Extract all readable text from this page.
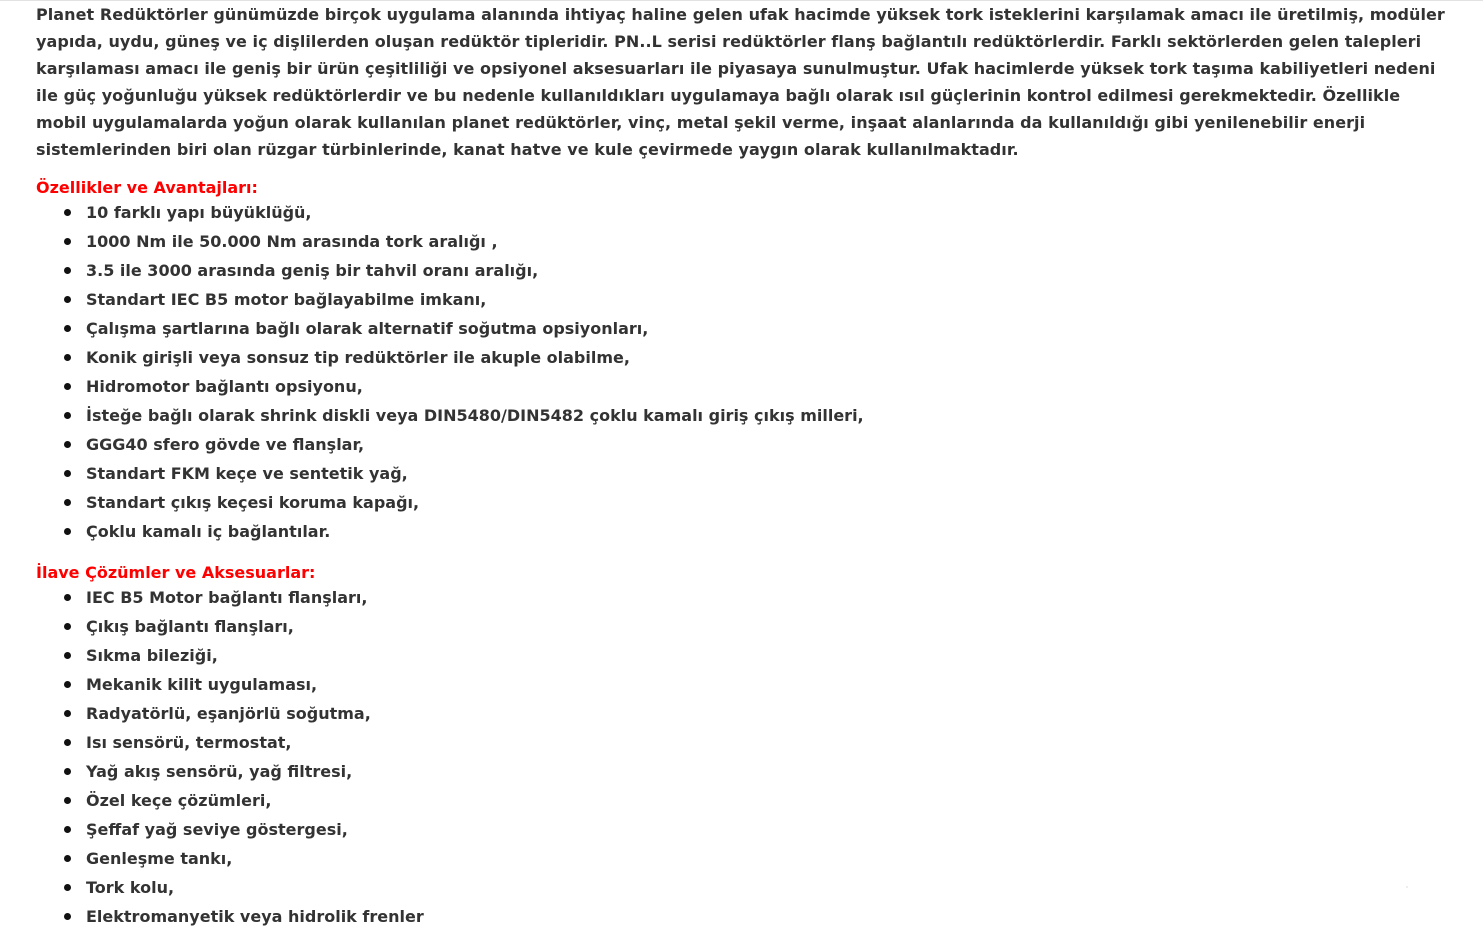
Planet Redüktörler günümüzde birçok uygulama alanında ihtiyaç haline gelen ufak hacimde yüksek tork isteklerini karşılamak amacı ile üretilmiş, modüler yapıda, uydu, güneş ve iç dişlilerden oluşan redüktör tipleridir. PN..L serisi redüktörler flanş bağlantılı redüktörlerdir. Farklı sektörlerden gelen talepleri karşılaması amacı ile geniş bir ürün çeşitliliği ve opsiyonel aksesuarları ile piyasaya sunulmuştur. Ufak hacimlerde yüksek tork taşıma kabiliyetleri nedeni ile güç yoğunluğu yüksek redüktörlerdir ve bu nedenle kullanıldıkları uygulamaya bağlı olarak ısıl güçlerinin kontrol edilmesi gerekmektedir. Özellikle mobil uygulamalarda yoğun olarak kullanılan planet redüktörler, vinç, metal şekil verme, inşaat alanlarında da kullanıldığı gibi yenilenebilir enerji sistemlerinden biri olan rüzgar türbinlerinde, kanat hatve ve kule çevirmede yaygın olarak kullanılmaktadır.

Özellikler ve Avantajları:
10 farklı yapı büyüklüğü,
1000 Nm ile 50.000 Nm arasında tork aralığı ,
3.5 ile 3000 arasında geniş bir tahvil oranı aralığı,
Standart IEC B5 motor bağlayabilme imkanı,
Çalışma şartlarına bağlı olarak alternatif soğutma opsiyonları,
Konik girişli veya sonsuz tip redüktörler ile akuple olabilme,
Hidromotor bağlantı opsiyonu,
İsteğe bağlı olarak shrink diskli veya DIN5480/DIN5482 çoklu kamalı giriş çıkış milleri,
GGG40 sfero gövde ve flanşlar,
Standart FKM keçe ve sentetik yağ,
Standart çıkış keçesi koruma kapağı,
Çoklu kamalı iç bağlantılar.
İlave Çözümler ve Aksesuarlar:
IEC B5 Motor bağlantı flanşları,
Çıkış bağlantı flanşları,
Sıkma bileziği,
Mekanik kilit uygulaması,
Radyatörlü, eşanjörlü soğutma,
Isı sensörü, termostat,
Yağ akış sensörü, yağ filtresi,
Özel keçe çözümleri,
Şeffaf yağ seviye göstergesi,
Genleşme tankı,
Tork kolu,
Elektromanyetik veya hidrolik frenler
